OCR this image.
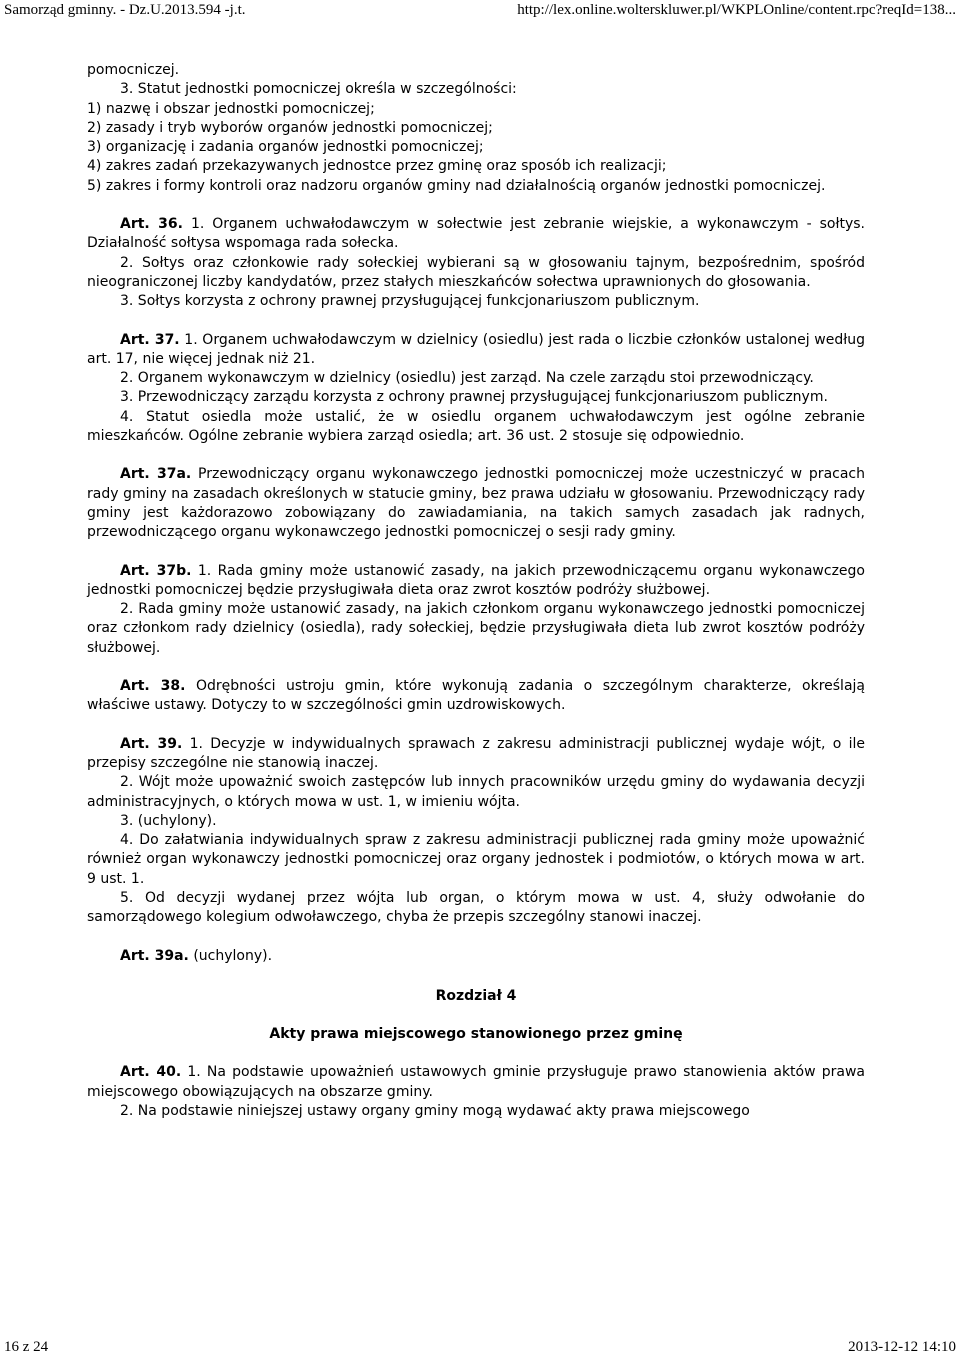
Samorząd gminny. - Dz.U.2013.594 -j.t.	http://lex.online.wolterskluwer.pl/WKPLOnline/content.rpc?reqId=138...

pomocniczej.

3. Statut jednostki pomocniczej określa w szczególności:

1) nazwę i obszar jednostki pomocniczej;

2) zasady i tryb wyborów organów jednostki pomocniczej;

3) organizację i zadania organów jednostki pomocniczej;

4) zakres zadań przekazywanych jednostce przez gminę oraz sposób ich realizacji;

5) zakres i formy kontroli oraz nadzoru organów gminy nad działalnością organów jednostki pomocniczej.

Art. 36. 1. Organem uchwałodawczym w sołectwie jest zebranie wiejskie, a wykonawczym - sołtys. Działalność sołtysa wspomaga rada sołecka.

2. Sołtys oraz członkowie rady sołeckiej wybierani są w głosowaniu tajnym, bezpośrednim, spośród nieograniczonej liczby kandydatów, przez stałych mieszkańców sołectwa uprawnionych do głosowania.

3. Sołtys korzysta z ochrony prawnej przysługującej funkcjonariuszom publicznym.

Art. 37. 1. Organem uchwałodawczym w dzielnicy (osiedlu) jest rada o liczbie członków ustalonej według art. 17, nie więcej jednak niż 21.

2. Organem wykonawczym w dzielnicy (osiedlu) jest zarząd. Na czele zarządu stoi przewodniczący.

3. Przewodniczący zarządu korzysta z ochrony prawnej przysługującej funkcjonariuszom publicznym.

4. Statut osiedla może ustalić, że w osiedlu organem uchwałodawczym jest ogólne zebranie mieszkańców. Ogólne zebranie wybiera zarząd osiedla; art. 36 ust. 2 stosuje się odpowiednio.

Art. 37a. Przewodniczący organu wykonawczego jednostki pomocniczej może uczestniczyć w pracach rady gminy na zasadach określonych w statucie gminy, bez prawa udziału w głosowaniu. Przewodniczący rady gminy jest każdorazowo zobowiązany do zawiadamiania, na takich samych zasadach jak radnych, przewodniczącego organu wykonawczego jednostki pomocniczej o sesji rady gminy.

Art. 37b. 1. Rada gminy może ustanowić zasady, na jakich przewodniczącemu organu wykonawczego jednostki pomocniczej będzie przysługiwała dieta oraz zwrot kosztów podróży służbowej.

2. Rada gminy może ustanowić zasady, na jakich członkom organu wykonawczego jednostki pomocniczej oraz członkom rady dzielnicy (osiedla), rady sołeckiej, będzie przysługiwała dieta lub zwrot kosztów podróży służbowej.

Art. 38. Odrębności ustroju gmin, które wykonują zadania o szczególnym charakterze, określają właściwe ustawy. Dotyczy to w szczególności gmin uzdrowiskowych.

Art. 39. 1. Decyzje w indywidualnych sprawach z zakresu administracji publicznej wydaje wójt, o ile przepisy szczególne nie stanowią inaczej.

2. Wójt może upoważnić swoich zastępców lub innych pracowników urzędu gminy do wydawania decyzji administracyjnych, o których mowa w ust. 1, w imieniu wójta.

3. (uchylony).

4. Do załatwiania indywidualnych spraw z zakresu administracji publicznej rada gminy może upoważnić również organ wykonawczy jednostki pomocniczej oraz organy jednostek i podmiotów, o których mowa w art. 9 ust. 1.

5. Od decyzji wydanej przez wójta lub organ, o którym mowa w ust. 4, służy odwołanie do samorządowego kolegium odwoławczego, chyba że przepis szczególny stanowi inaczej.

Art. 39a. (uchylony).

Rozdział 4

Akty prawa miejscowego stanowionego przez gminę

Art. 40. 1. Na podstawie upoważnień ustawowych gminie przysługuje prawo stanowienia aktów prawa miejscowego obowiązujących na obszarze gminy.

2. Na podstawie niniejszej ustawy organy gminy mogą wydawać akty prawa miejscowego

16 z 24	2013-12-12 14:10
